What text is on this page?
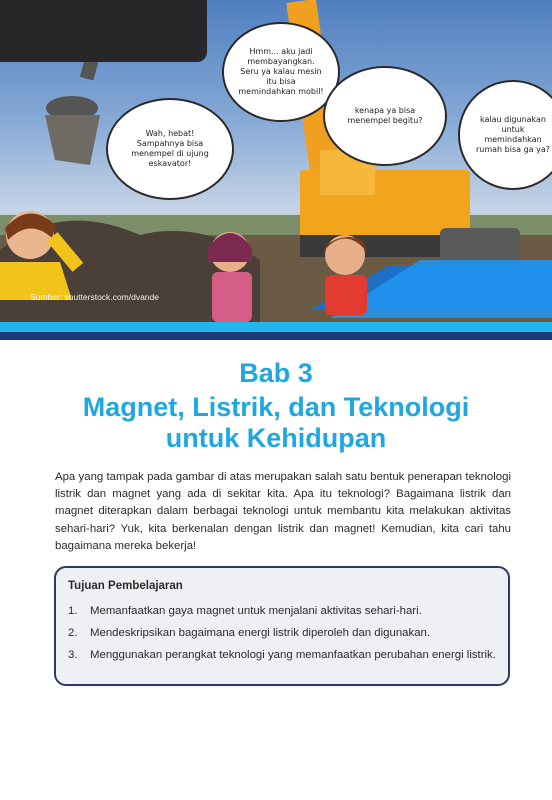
Hmm... aku jadi membayangkan. Seru ya kalau mesin itu bisa memindahkan mobil!
Wah, hebat! Sampahnya bisa menempel di ujung eskavator!
kenapa ya bisa menempel begitu?	kalau digunakan untuk memindahkan rumah bisa ga ya?
Sumber: shutterstock.com/dvande
Bab 3
Magnet, Listrik, dan Teknologi
untuk Kehidupan

Apa yang tampak pada gambar di atas merupakan salah satu bentuk penerapan teknologi listrik dan magnet yang ada di sekitar kita. Apa itu teknologi? Bagaimana listrik dan magnet diterapkan dalam berbagai teknologi untuk membantu kita melakukan aktivitas sehari-hari? Yuk, kita berkenalan dengan listrik dan magnet! Kemudian, kita cari tahu bagaimana mereka bekerja!

Tujuan Pembelajaran
1. Memanfaatkan gaya magnet untuk menjalani aktivitas sehari-hari.
2. Mendeskripsikan bagaimana energi listrik diperoleh dan digunakan.
3. Menggunakan perangkat teknologi yang memanfaatkan perubahan energi listrik.
